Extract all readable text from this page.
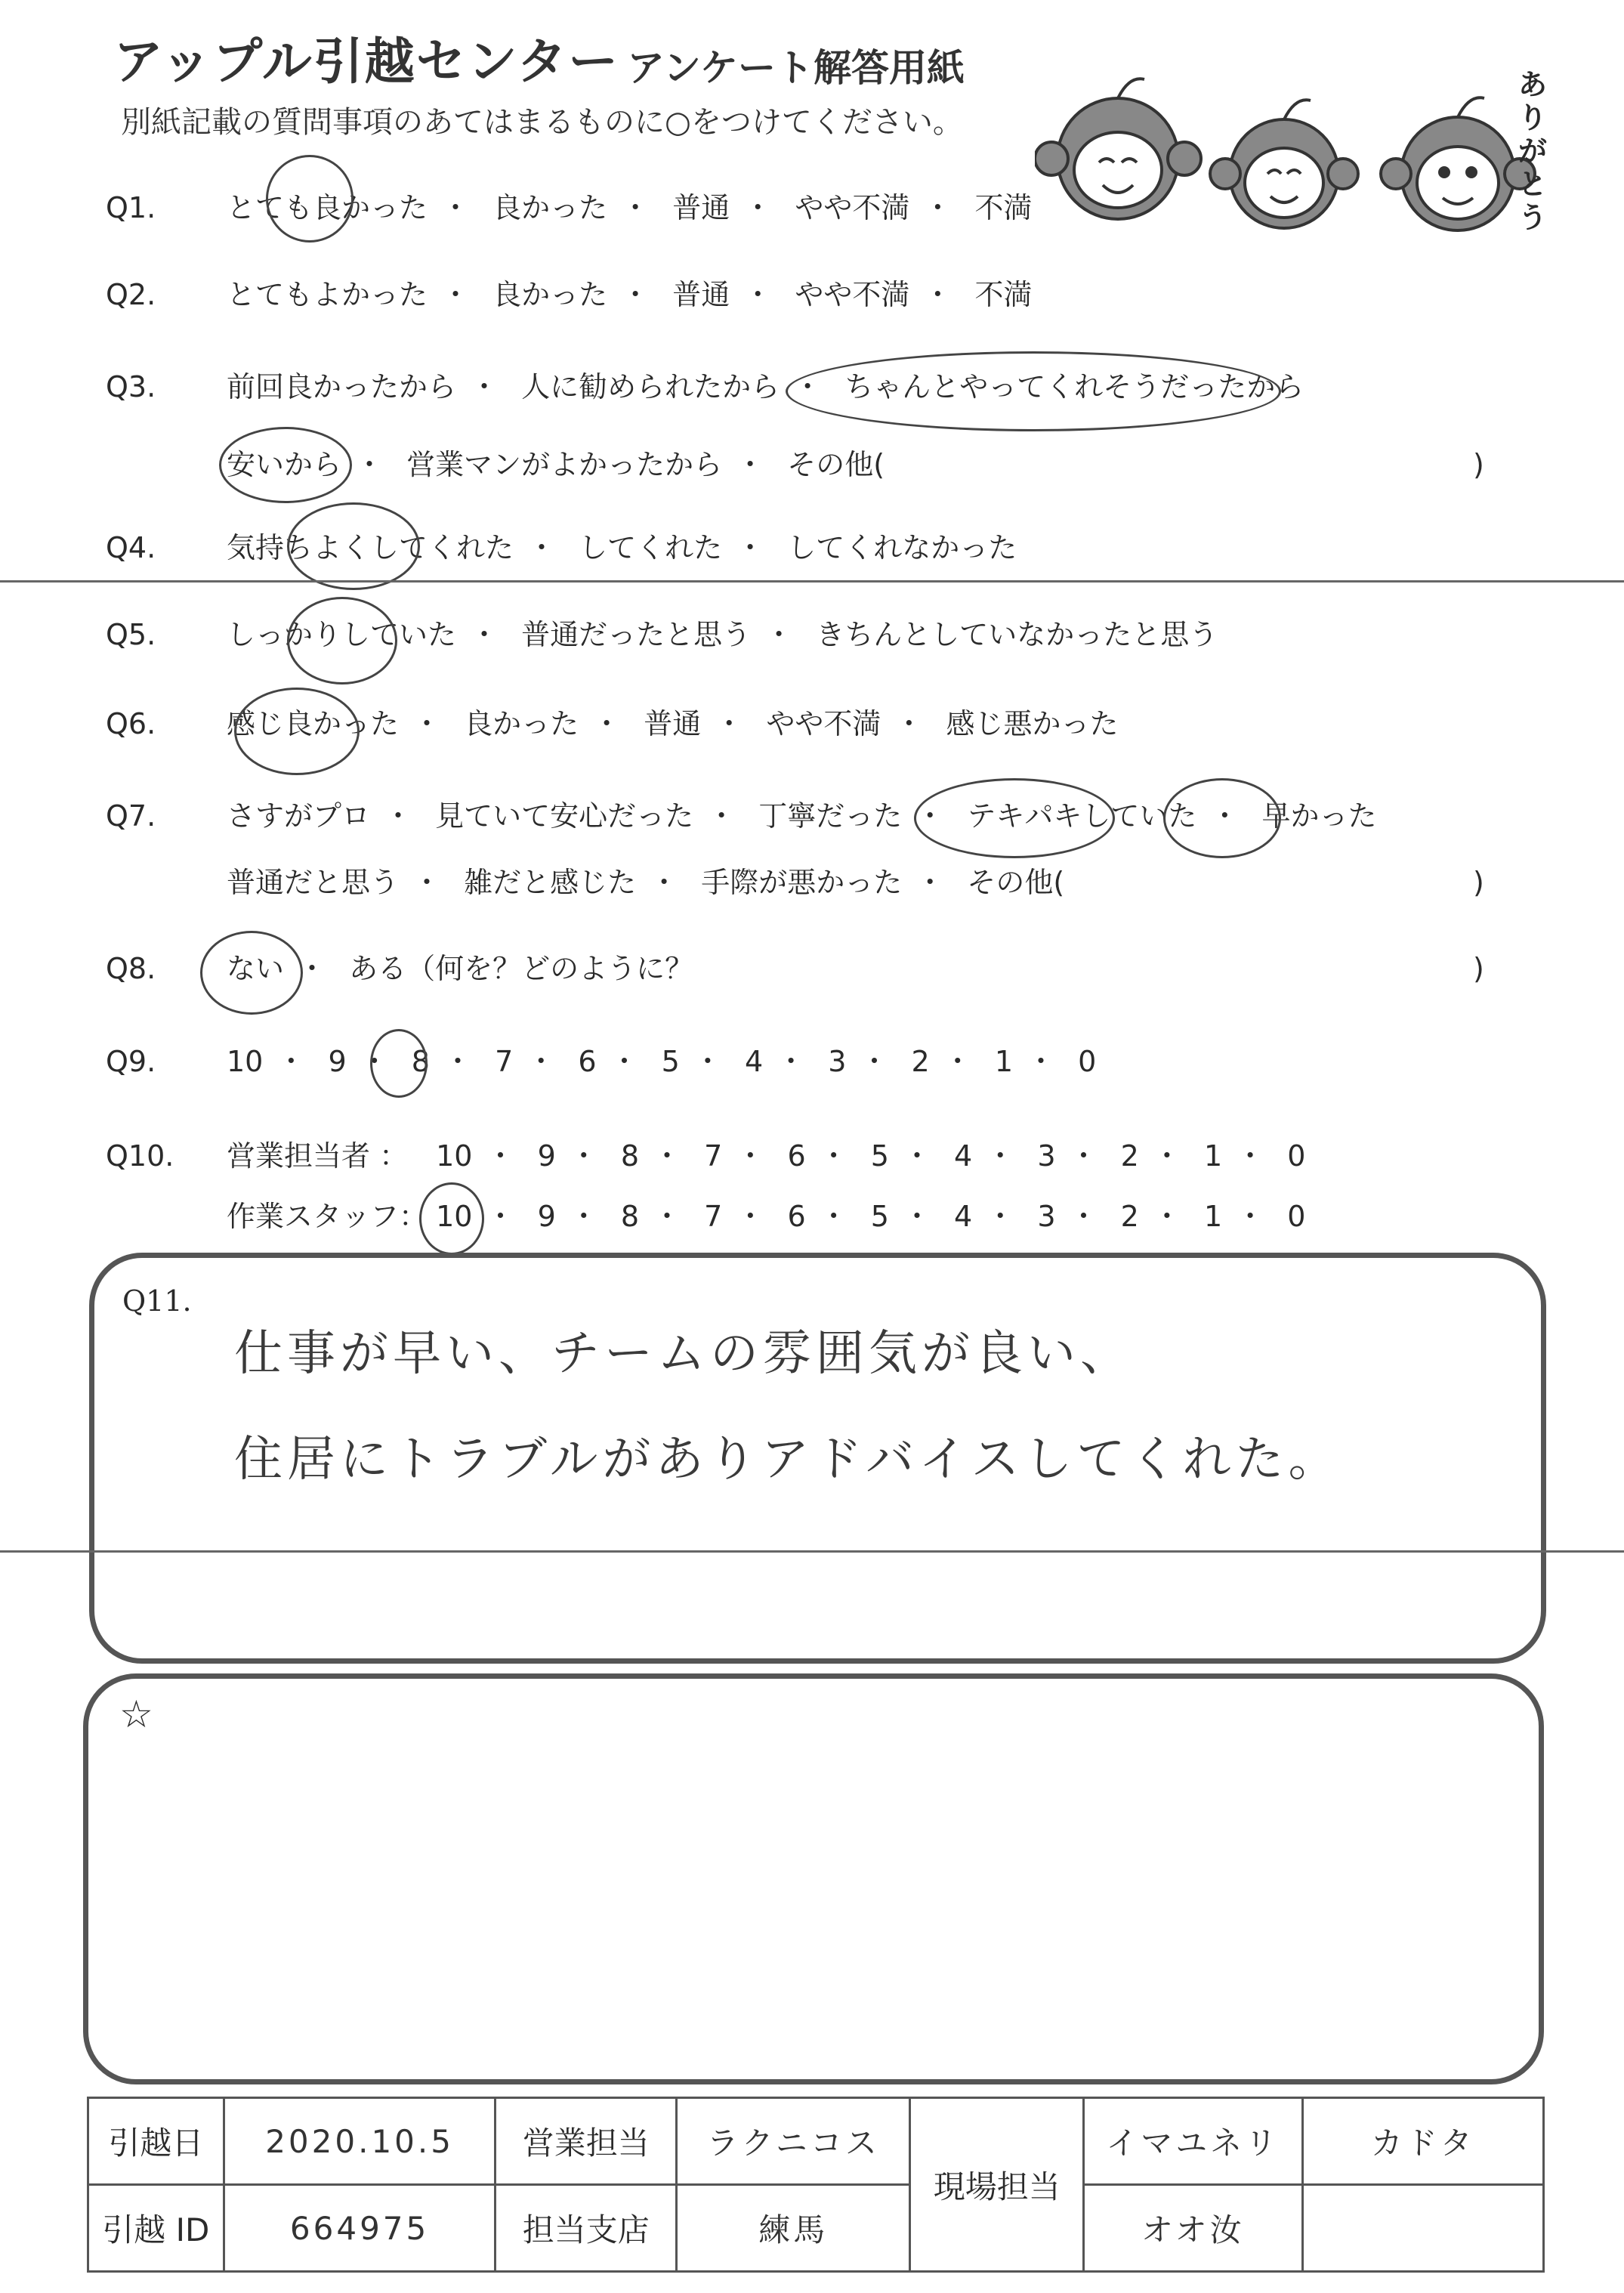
アップル引越センター アンケート解答用紙
別紙記載の質問事項のあてはまるものに○をつけてください。
ありがとう
Q1. とても良かった ・ 良かった ・ 普通 ・ やや不満 ・ 不満
Q2. とてもよかった ・ 良かった ・ 普通 ・ やや不満 ・ 不満
Q3. 前回良かったから ・ 人に勧められたから ・ ちゃんとやってくれそうだったから
安いから ・ 営業マンがよかったから ・ その他(	)
Q4. 気持ちよくしてくれた ・ してくれた ・ してくれなかった
Q5. しっかりしていた ・ 普通だったと思う ・ きちんとしていなかったと思う
Q6. 感じ良かった ・ 良かった ・ 普通 ・ やや不満 ・ 感じ悪かった
Q7. さすがプロ ・ 見ていて安心だった ・ 丁寧だった ・ テキパキしていた ・ 早かった
普通だと思う ・ 雑だと感じた ・ 手際が悪かった ・ その他(	)
Q8. ない ・ ある（何を？どのように？	)
Q9. 10 ・ 9 ・ 8 ・ 7 ・ 6 ・ 5 ・ 4 ・ 3 ・ 2 ・ 1 ・ 0
Q10. 営業担当者 ： 10 ・ 9 ・ 8 ・ 7 ・ 6 ・ 5 ・ 4 ・ 3 ・ 2 ・ 1 ・ 0
作業スタッフ： 10 ・ 9 ・ 8 ・ 7 ・ 6 ・ 5 ・ 4 ・ 3 ・ 2 ・ 1 ・ 0
Q11.
仕事が早い、チームの雰囲気が良い、
住居にトラブルがありアドバイスしてくれた。
☆
引越日	2020.10.5	営業担当	ラクニコス	現場担当	イマユネリ	カドタ
引越 ID	664975	担当支店	練馬		オオ汝	
